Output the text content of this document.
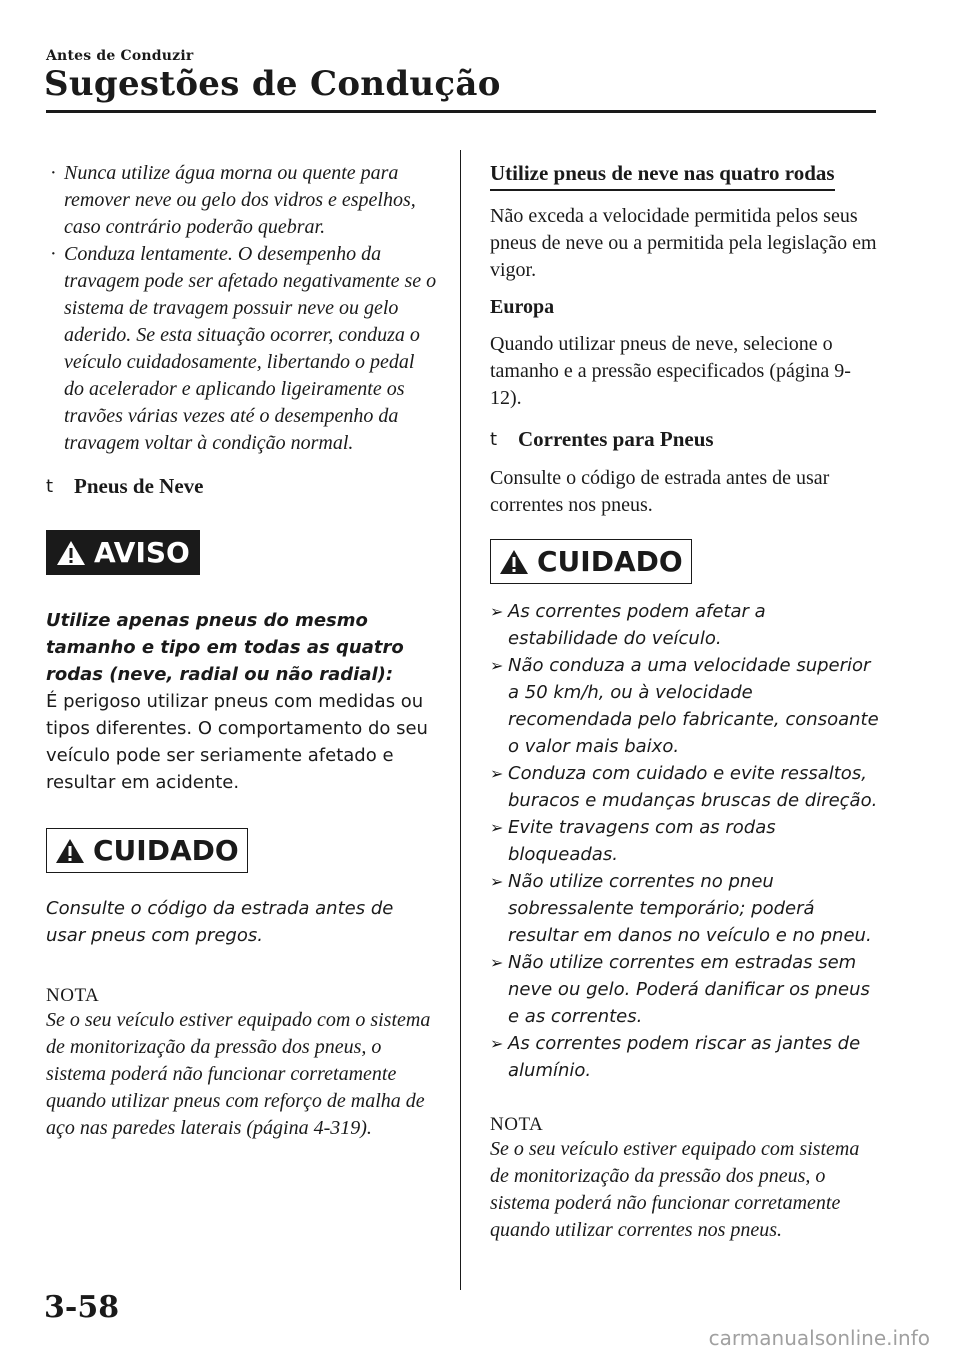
Antes de Conduzir
Sugestões de Condução
· Nunca utilize água morna ou quente para remover neve ou gelo dos vidros e espelhos, caso contrário poderão quebrar.
· Conduza lentamente. O desempenho da travagem pode ser afetado negativamente se o sistema de travagem possuir neve ou gelo aderido. Se esta situação ocorrer, conduza o veículo cuidadosamente, libertando o pedal do acelerador e aplicando ligeiramente os travões várias vezes até o desempenho da travagem voltar à condição normal.
t Pneus de Neve
AVISO
Utilize apenas pneus do mesmo tamanho e tipo em todas as quatro rodas (neve, radial ou não radial):
É perigoso utilizar pneus com medidas ou tipos diferentes. O comportamento do seu veículo pode ser seriamente afetado e resultar em acidente.
CUIDADO
Consulte o código da estrada antes de usar pneus com pregos.
NOTA
Se o seu veículo estiver equipado com o sistema de monitorização da pressão dos pneus, o sistema poderá não funcionar corretamente quando utilizar pneus com reforço de malha de aço nas paredes laterais (página 4-319).
Utilize pneus de neve nas quatro rodas
Não exceda a velocidade permitida pelos seus pneus de neve ou a permitida pela legislação em vigor.
Europa
Quando utilizar pneus de neve, selecione o tamanho e a pressão especificados (página 9-12).
t Correntes para Pneus
Consulte o código de estrada antes de usar correntes nos pneus.
CUIDADO
➢ As correntes podem afetar a estabilidade do veículo.
➢ Não conduza a uma velocidade superior a 50 km/h, ou à velocidade recomendada pelo fabricante, consoante o valor mais baixo.
➢ Conduza com cuidado e evite ressaltos, buracos e mudanças bruscas de direção.
➢ Evite travagens com as rodas bloqueadas.
➢ Não utilize correntes no pneu sobressalente temporário; poderá resultar em danos no veículo e no pneu.
➢ Não utilize correntes em estradas sem neve ou gelo. Poderá danificar os pneus e as correntes.
➢ As correntes podem riscar as jantes de alumínio.
NOTA
Se o seu veículo estiver equipado com sistema de monitorização da pressão dos pneus, o sistema poderá não funcionar corretamente quando utilizar correntes nos pneus.
3-58
carmanualsonline.info
